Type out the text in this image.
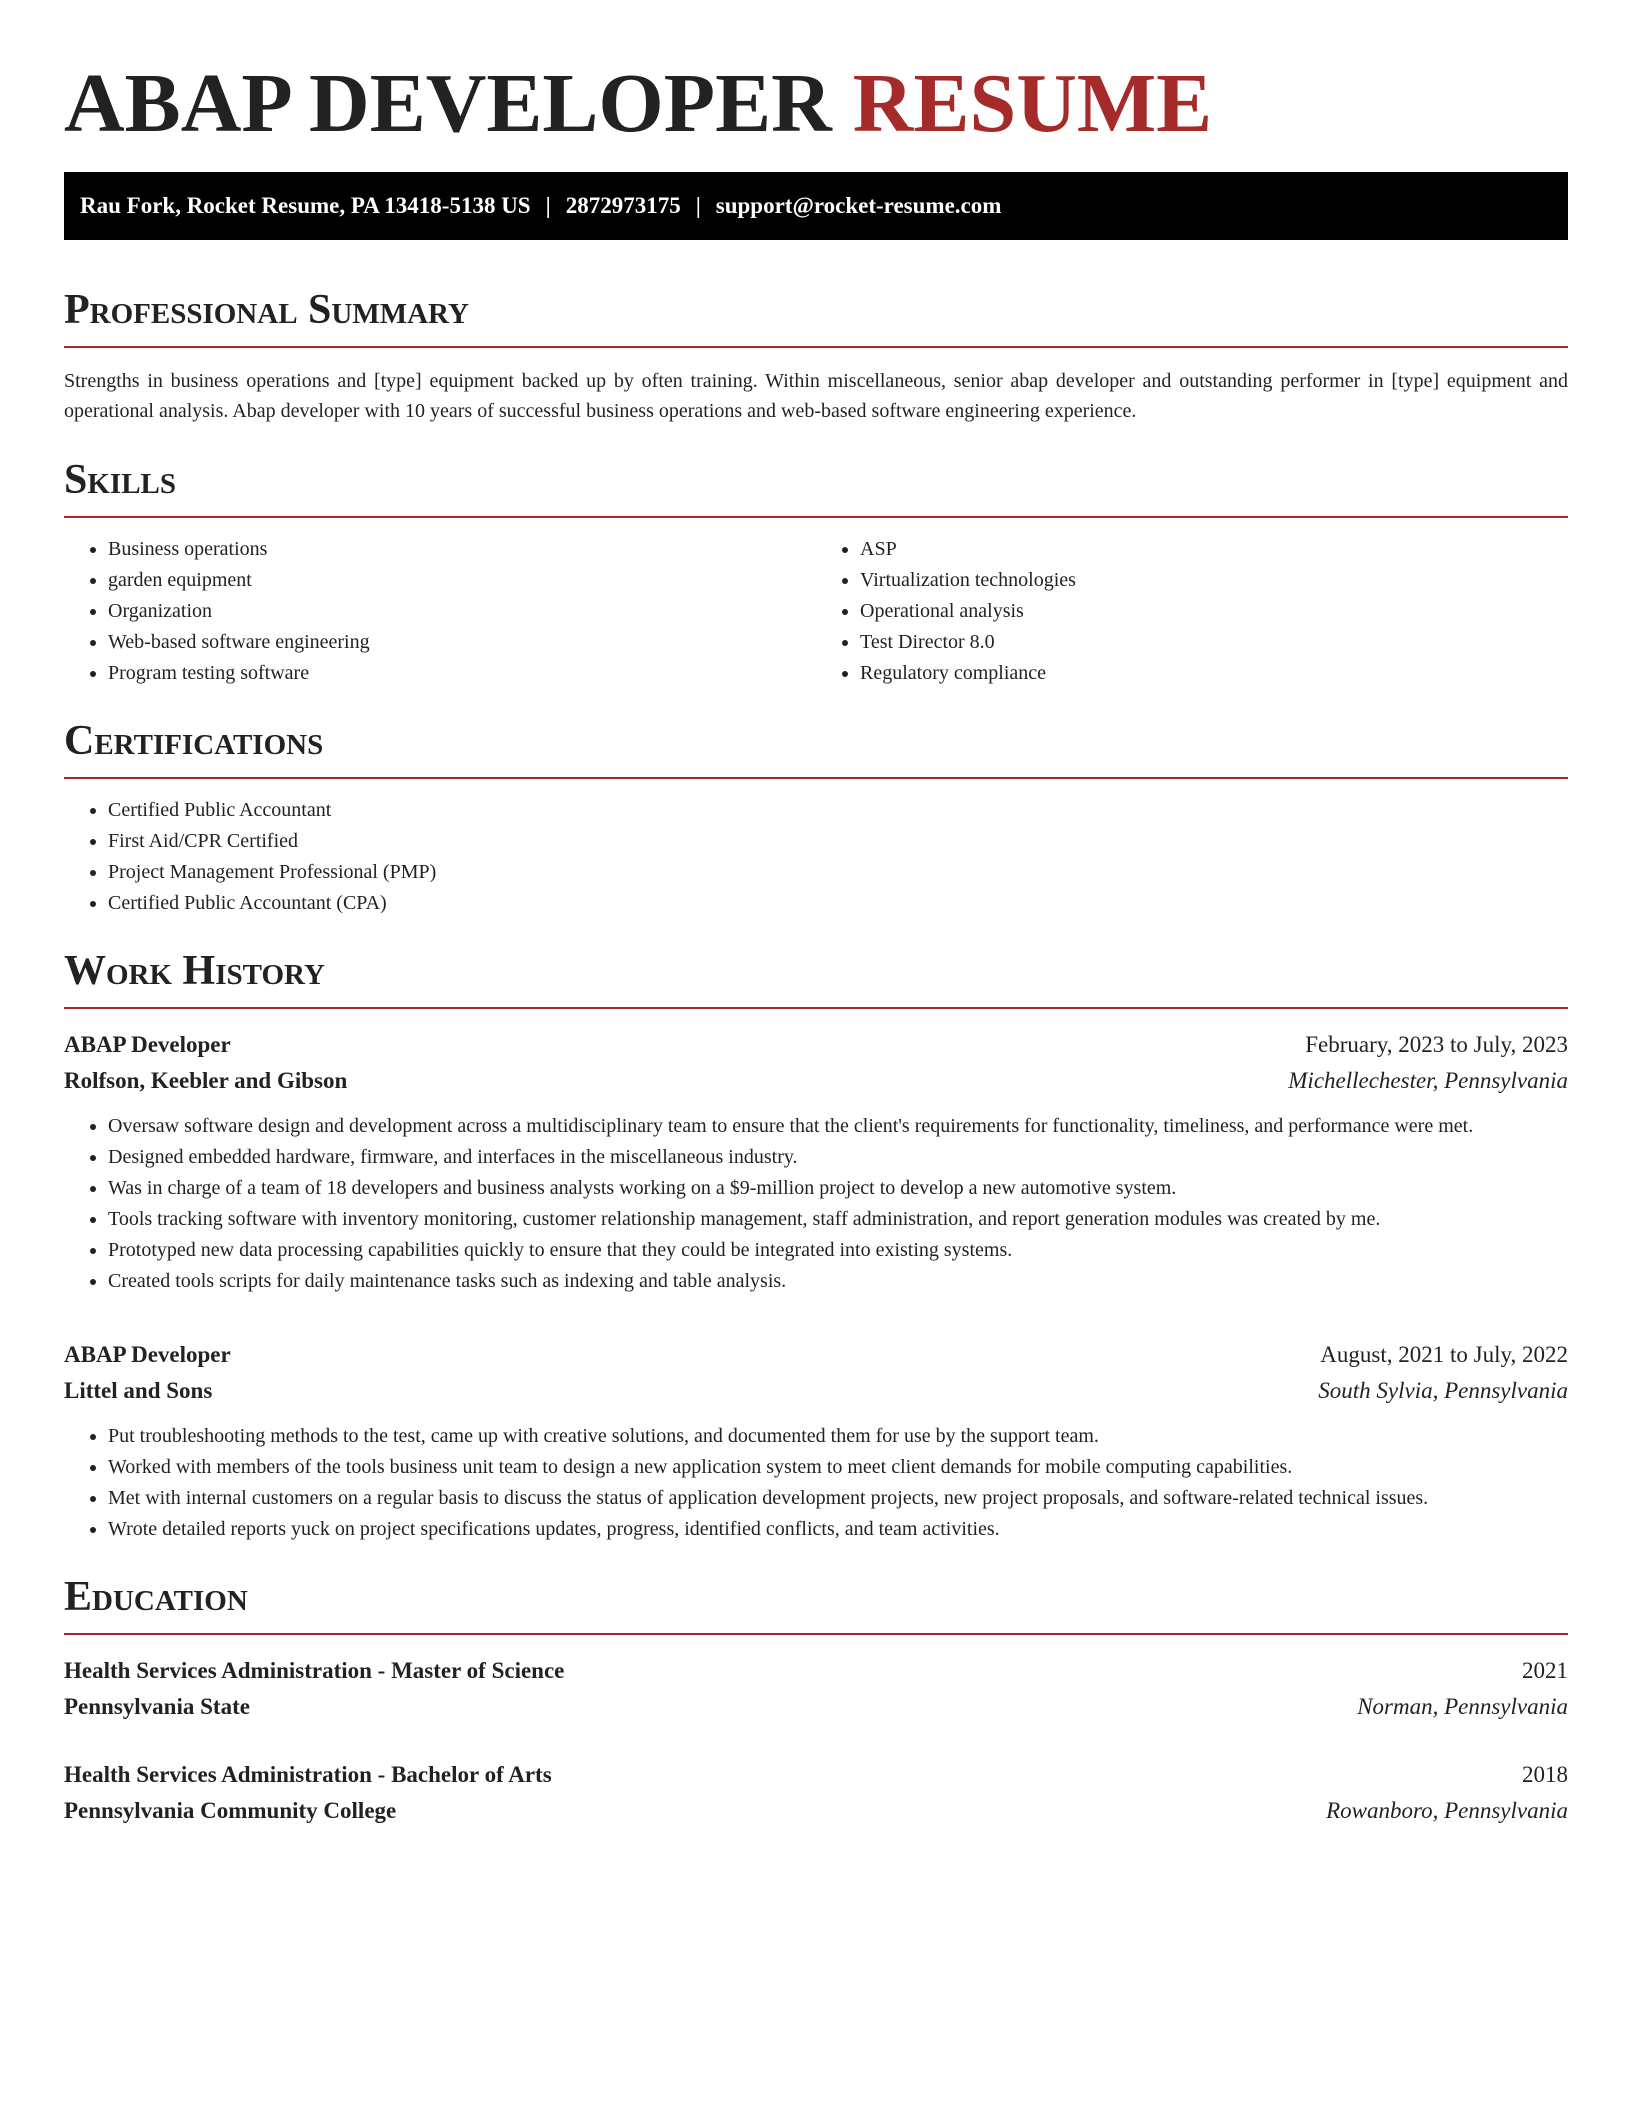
ABAP DEVELOPER RESUME
Rau Fork, Rocket Resume, PA 13418-5138 US | 2872973175 | support@rocket-resume.com
Professional Summary

Strengths in business operations and [type] equipment backed up by often training. Within miscellaneous, senior abap developer and outstanding performer in [type] equipment and operational analysis. Abap developer with 10 years of successful business operations and web-based software engineering experience.

Skills
• Business operations
• garden equipment
• Organization
• Web-based software engineering
• Program testing software
• ASP
• Virtualization technologies
• Operational analysis
• Test Director 8.0
• Regulatory compliance
Certifications
• Certified Public Accountant
• First Aid/CPR Certified
• Project Management Professional (PMP)
• Certified Public Accountant (CPA)
Work History
ABAP Developer	February, 2023 to July, 2023
Rolfson, Keebler and Gibson	Michellechester, Pennsylvania
• Oversaw software design and development across a multidisciplinary team to ensure that the client's requirements for functionality, timeliness, and performance were met.
• Designed embedded hardware, firmware, and interfaces in the miscellaneous industry.
• Was in charge of a team of 18 developers and business analysts working on a $9-million project to develop a new automotive system.
• Tools tracking software with inventory monitoring, customer relationship management, staff administration, and report generation modules was created by me.
• Prototyped new data processing capabilities quickly to ensure that they could be integrated into existing systems.
• Created tools scripts for daily maintenance tasks such as indexing and table analysis.
ABAP Developer	August, 2021 to July, 2022
Littel and Sons	South Sylvia, Pennsylvania
• Put troubleshooting methods to the test, came up with creative solutions, and documented them for use by the support team.
• Worked with members of the tools business unit team to design a new application system to meet client demands for mobile computing capabilities.
• Met with internal customers on a regular basis to discuss the status of application development projects, new project proposals, and software-related technical issues.
• Wrote detailed reports yuck on project specifications updates, progress, identified conflicts, and team activities.
Education
Health Services Administration - Master of Science	2021
Pennsylvania State	Norman, Pennsylvania
Health Services Administration - Bachelor of Arts	2018
Pennsylvania Community College	Rowanboro, Pennsylvania
